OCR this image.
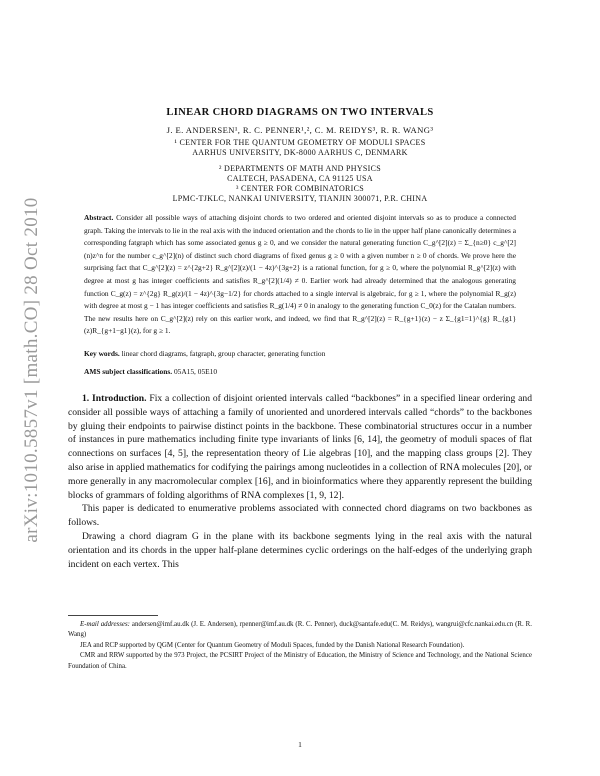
arXiv:1010.5857v1 [math.CO] 28 Oct 2010
LINEAR CHORD DIAGRAMS ON TWO INTERVALS
J. E. ANDERSEN¹, R. C. PENNER¹,², C. M. REIDYS³, R. R. WANG³
¹ CENTER FOR THE QUANTUM GEOMETRY OF MODULI SPACES
AARHUS UNIVERSITY, DK-8000 AARHUS C, DENMARK
² DEPARTMENTS OF MATH AND PHYSICS
CALTECH, PASADENA, CA 91125 USA
³ CENTER FOR COMBINATORICS
LPMC-TJKLC, NANKAI UNIVERSITY, TIANJIN 300071, P.R. CHINA
Abstract. Consider all possible ways of attaching disjoint chords to two ordered and oriented disjoint intervals so as to produce a connected graph. Taking the intervals to lie in the real axis with the induced orientation and the chords to lie in the upper half plane canonically determines a corresponding fatgraph which has some associated genus g ≥ 0, and we consider the natural generating function C_g^[2](z) = Σ_{n≥0} c_g^[2](n)z^n for the number c_g^[2](n) of distinct such chord diagrams of fixed genus g ≥ 0 with a given number n ≥ 0 of chords. We prove here the surprising fact that C_g^[2](z) = z^{2g+2} R_g^[2](z)/(1 − 4z)^{3g+2} is a rational function, for g ≥ 0, where the polynomial R_g^[2](z) with degree at most g has integer coefficients and satisfies R_g^[2](1/4) ≠ 0. Earlier work had already determined that the analogous generating function C_g(z) = z^{2g} R_g(z)/(1 − 4z)^{3g−1/2} for chords attached to a single interval is algebraic, for g ≥ 1, where the polynomial R_g(z) with degree at most g − 1 has integer coefficients and satisfies R_g(1/4) ≠ 0 in analogy to the generating function C_0(z) for the Catalan numbers. The new results here on C_g^[2](z) rely on this earlier work, and indeed, we find that R_g^[2](z) = R_{g+1}(z) − z Σ_{g1=1}^{g} R_{g1}(z)R_{g+1−g1}(z), for g ≥ 1.
Key words. linear chord diagrams, fatgraph, group character, generating function
AMS subject classifications. 05A15, 05E10

1. Introduction. Fix a collection of disjoint oriented intervals called “backbones” in a specified linear ordering and consider all possible ways of attaching a family of unoriented and unordered intervals called “chords” to the backbones by gluing their endpoints to pairwise distinct points in the backbone. These combinatorial structures occur in a number of instances in pure mathematics including finite type invariants of links [6, 14], the geometry of moduli spaces of flat connections on surfaces [4, 5], the representation theory of Lie algebras [10], and the mapping class groups [2]. They also arise in applied mathematics for codifying the pairings among nucleotides in a collection of RNA molecules [20], or more generally in any macromolecular complex [16], and in bioinformatics where they apparently represent the building blocks of grammars of folding algorithms of RNA complexes [1, 9, 12].

This paper is dedicated to enumerative problems associated with connected chord diagrams on two backbones as follows.

Drawing a chord diagram G in the plane with its backbone segments lying in the real axis with the natural orientation and its chords in the upper half-plane determines cyclic orderings on the half-edges of the underlying graph incident on each vertex. This

E-mail addresses: andersen@imf.au.dk (J. E. Andersen), rpenner@imf.au.dk (R. C. Penner), duck@santafe.edu(C. M. Reidys), wangrui@cfc.nankai.edu.cn (R. R. Wang)

JEA and RCP supported by QGM (Center for Quantum Geometry of Moduli Spaces, funded by the Danish National Research Foundation).

CMR and RRW supported by the 973 Project, the PCSIRT Project of the Ministry of Education, the Ministry of Science and Technology, and the National Science Foundation of China.

1
